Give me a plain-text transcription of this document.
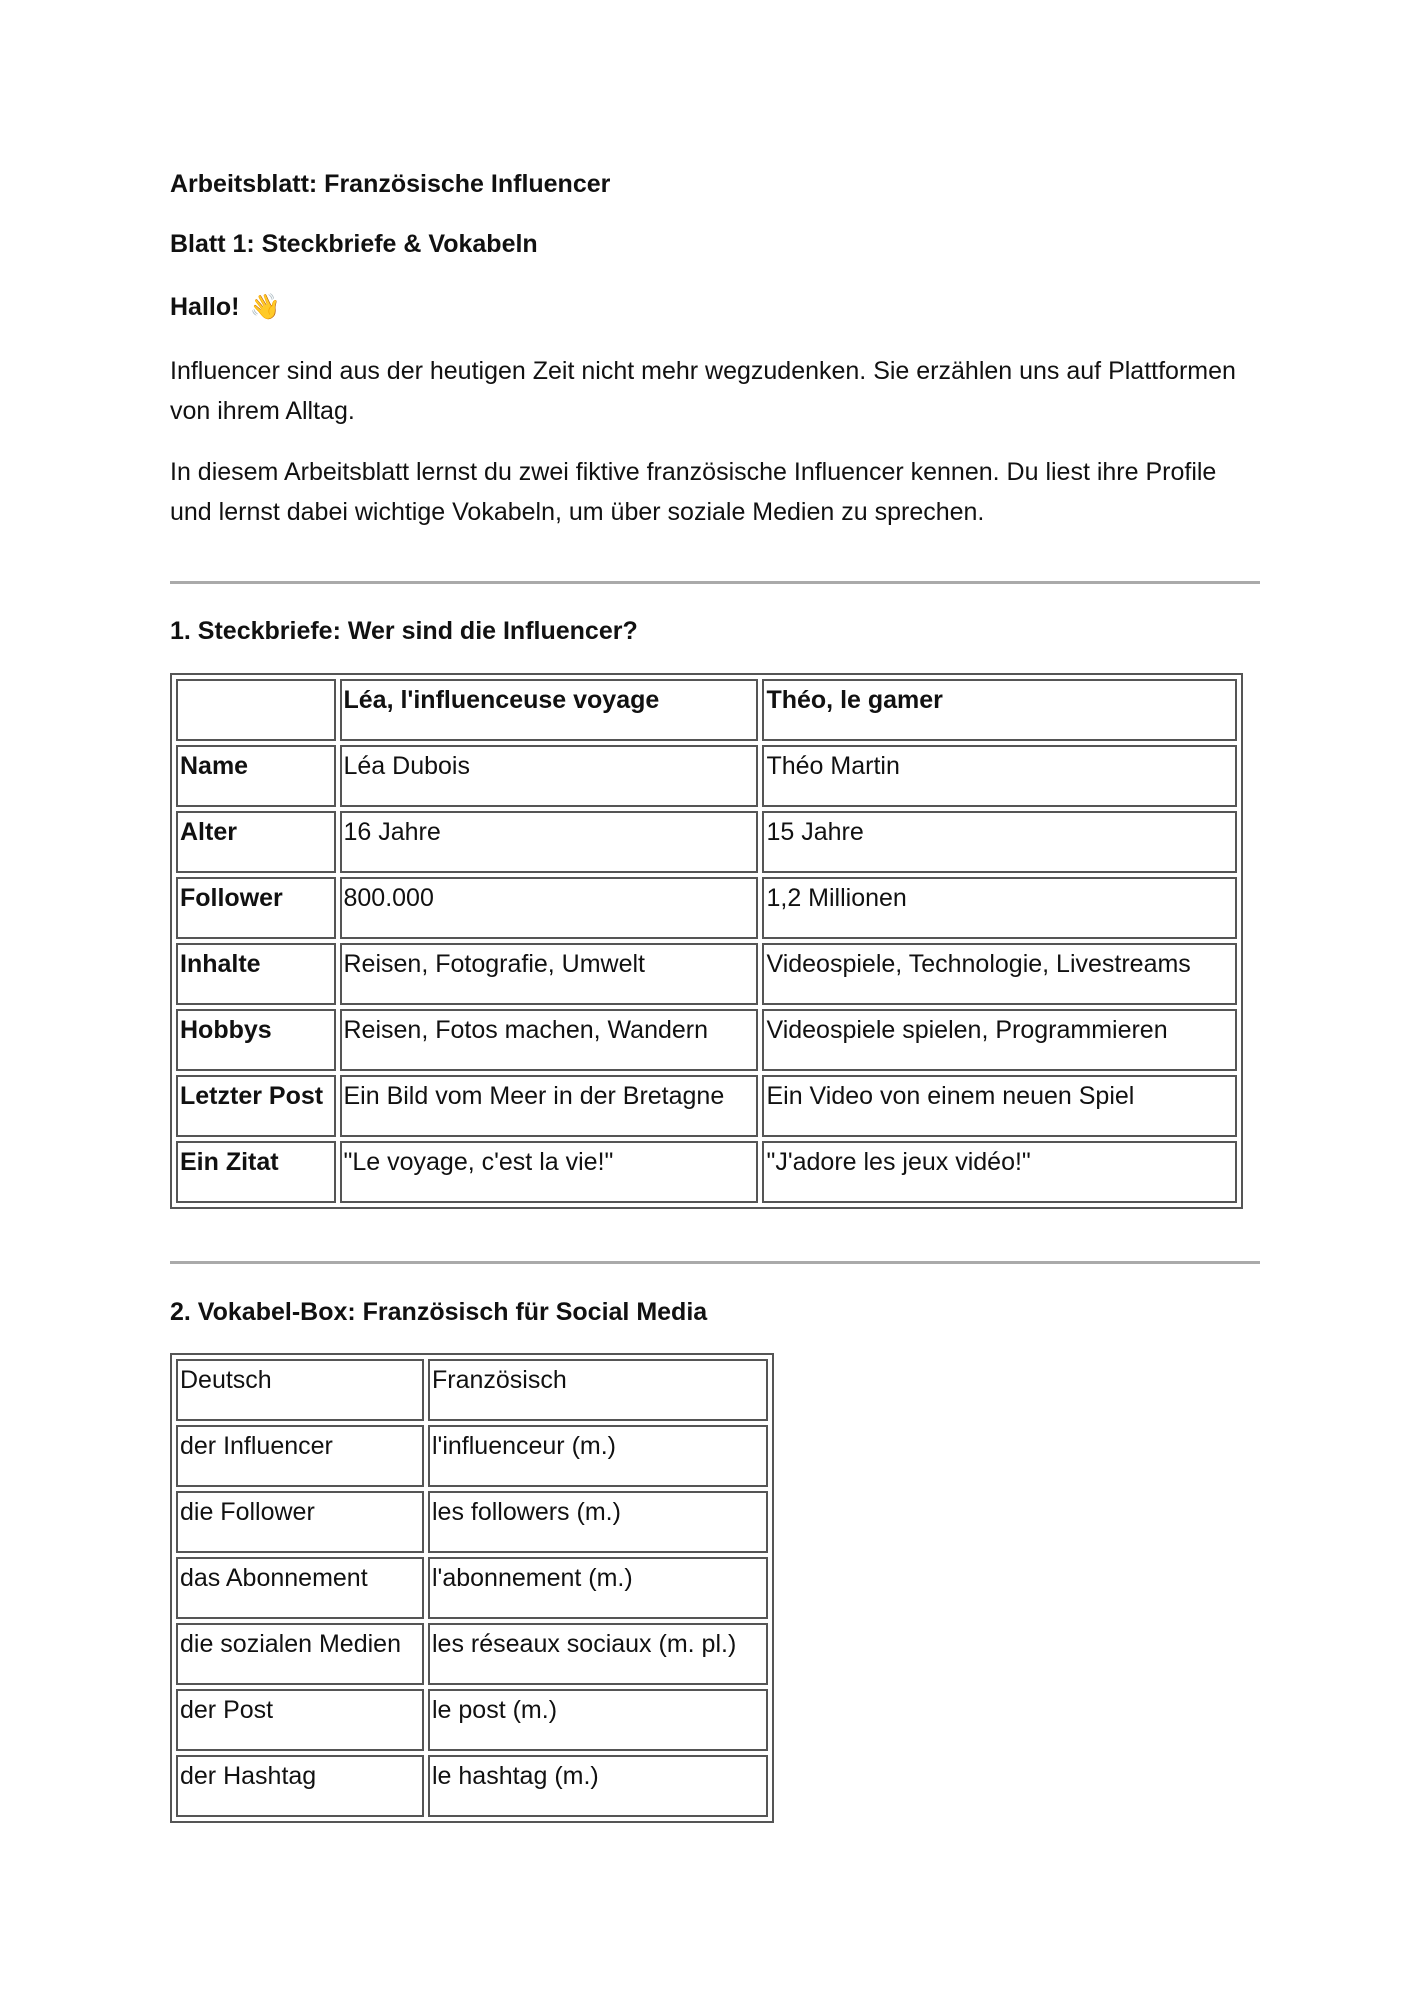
Arbeitsblatt: Französische Influencer

Blatt 1: Steckbriefe & Vokabeln

Hallo! 👋

Influencer sind aus der heutigen Zeit nicht mehr wegzudenken. Sie erzählen uns auf Plattformen von ihrem Alltag.

In diesem Arbeitsblatt lernst du zwei fiktive französische Influencer kennen. Du liest ihre Profile und lernst dabei wichtige Vokabeln, um über soziale Medien zu sprechen.

1. Steckbriefe: Wer sind die Influencer?

	Léa, l'influenceuse voyage	Théo, le gamer
Name	Léa Dubois	Théo Martin
Alter	16 Jahre	15 Jahre
Follower	800.000	1,2 Millionen
Inhalte	Reisen, Fotografie, Umwelt	Videospiele, Technologie, Livestreams
Hobbys	Reisen, Fotos machen, Wandern	Videospiele spielen, Programmieren
Letzter Post	Ein Bild vom Meer in der Bretagne	Ein Video von einem neuen Spiel
Ein Zitat	"Le voyage, c'est la vie!"	"J'adore les jeux vidéo!"

2. Vokabel-Box: Französisch für Social Media

Deutsch	Französisch
der Influencer	l'influenceur (m.)
die Follower	les followers (m.)
das Abonnement	l'abonnement (m.)
die sozialen Medien	les réseaux sociaux (m. pl.)
der Post	le post (m.)
der Hashtag	le hashtag (m.)
